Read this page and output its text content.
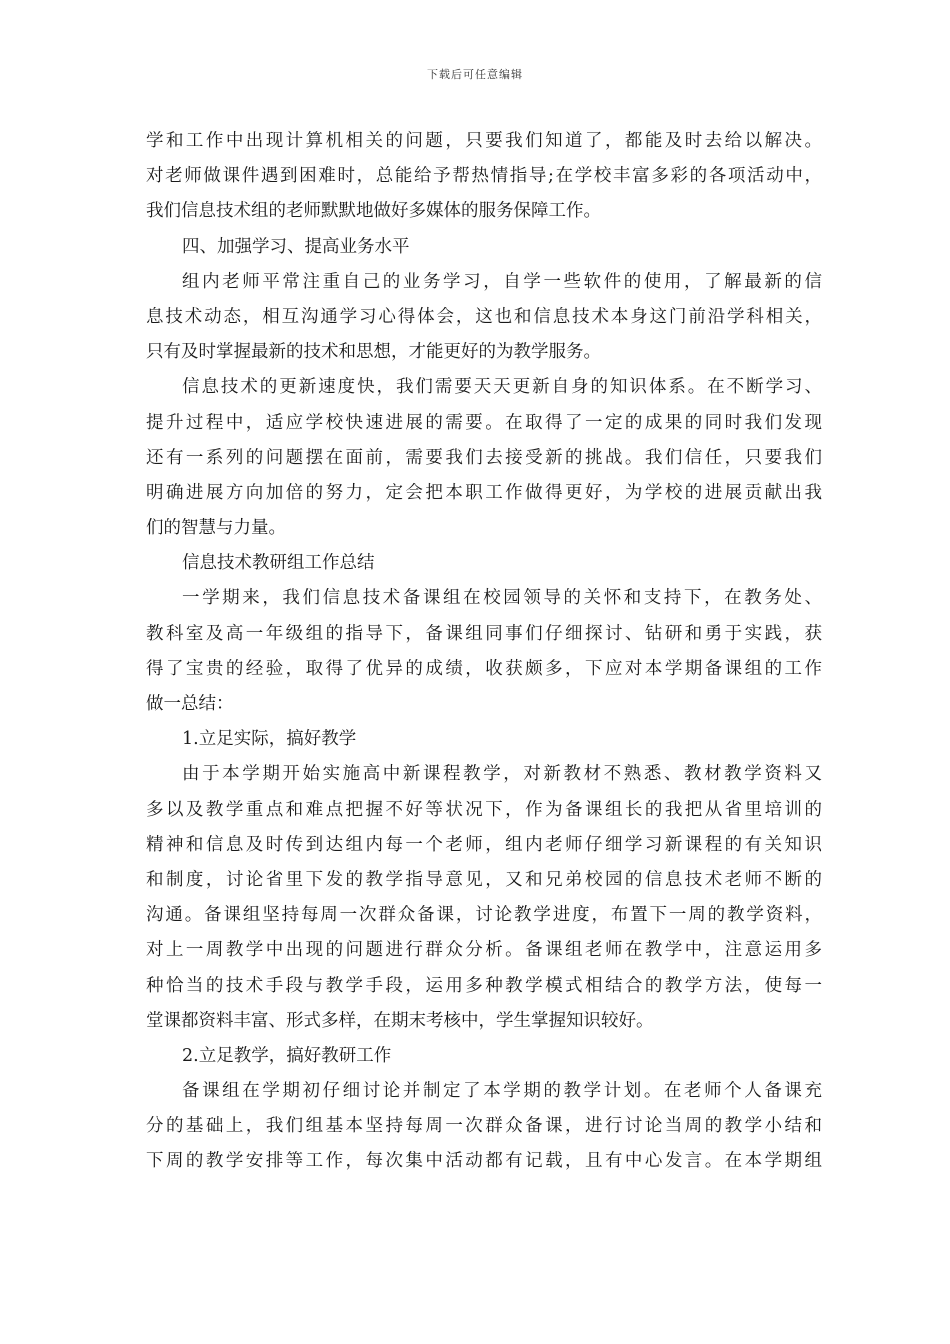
下载后可任意编辑
学和工作中出现计算机相关的问题，只要我们知道了，都能及时去给以解决。
对老师做课件遇到困难时，总能给予帮热情指导;在学校丰富多彩的各项活动中，
我们信息技术组的老师默默地做好多媒体的服务保障工作。
四、加强学习、提高业务水平
组内老师平常注重自己的业务学习，自学一些软件的使用，了解最新的信
息技术动态，相互沟通学习心得体会，这也和信息技术本身这门前沿学科相关，
只有及时掌握最新的技术和思想，才能更好的为教学服务。
信息技术的更新速度快，我们需要天天更新自身的知识体系。在不断学习、
提升过程中，适应学校快速进展的需要。在取得了一定的成果的同时我们发现
还有一系列的问题摆在面前，需要我们去接受新的挑战。我们信任，只要我们
明确进展方向加倍的努力，定会把本职工作做得更好，为学校的进展贡献出我
们的智慧与力量。
信息技术教研组工作总结
一学期来，我们信息技术备课组在校园领导的关怀和支持下，在教务处、
教科室及高一年级组的指导下，备课组同事们仔细探讨、钻研和勇于实践，获
得了宝贵的经验，取得了优异的成绩，收获颇多，下应对本学期备课组的工作
做一总结：
1.立足实际，搞好教学
由于本学期开始实施高中新课程教学，对新教材不熟悉、教材教学资料又
多以及教学重点和难点把握不好等状况下，作为备课组长的我把从省里培训的
精神和信息及时传到达组内每一个老师，组内老师仔细学习新课程的有关知识
和制度，讨论省里下发的教学指导意见，又和兄弟校园的信息技术老师不断的
沟通。备课组坚持每周一次群众备课，讨论教学进度，布置下一周的教学资料，
对上一周教学中出现的问题进行群众分析。备课组老师在教学中，注意运用多
种恰当的技术手段与教学手段，运用多种教学模式相结合的教学方法，使每一
堂课都资料丰富、形式多样，在期末考核中，学生掌握知识较好。
2.立足教学，搞好教研工作
备课组在学期初仔细讨论并制定了本学期的教学计划。在老师个人备课充
分的基础上，我们组基本坚持每周一次群众备课，进行讨论当周的教学小结和
下周的教学安排等工作，每次集中活动都有记载，且有中心发言。在本学期组
